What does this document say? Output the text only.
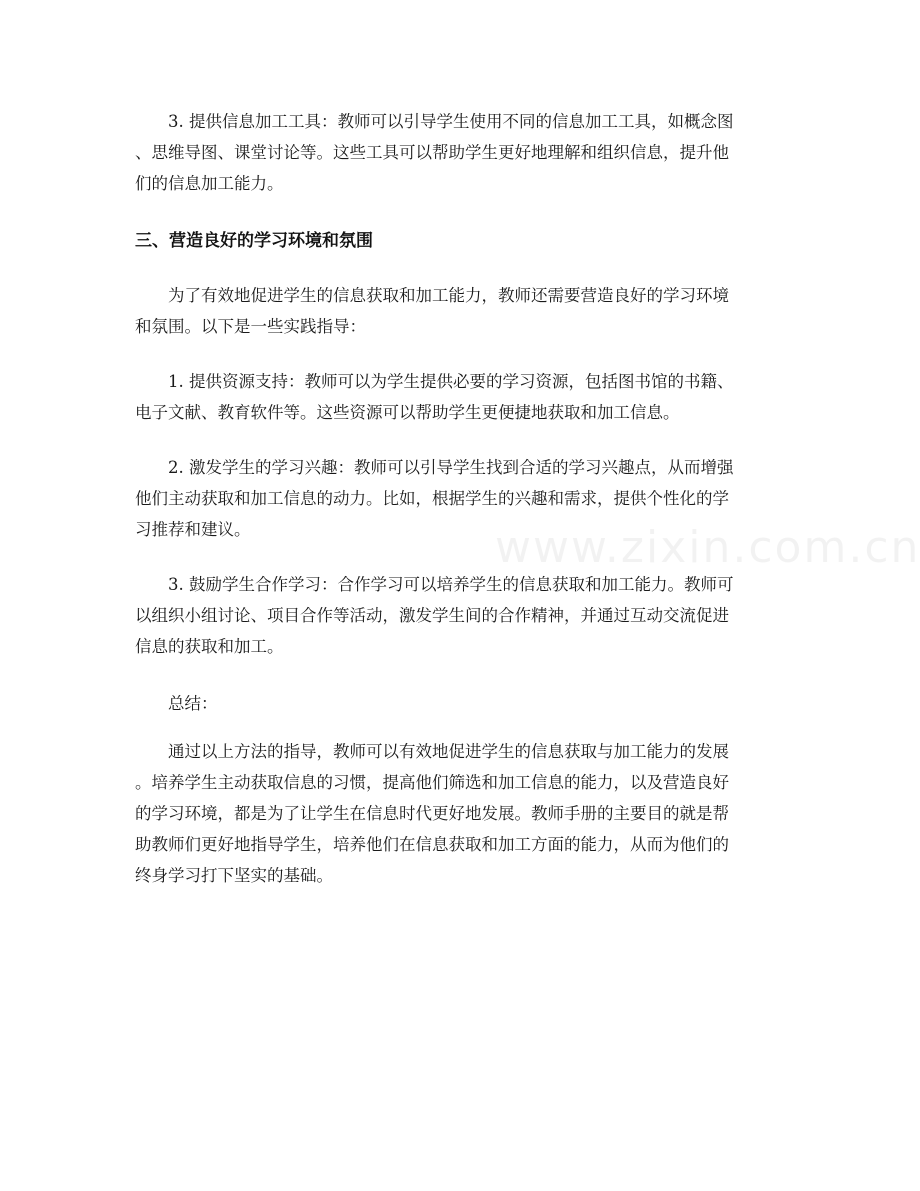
3. 提供信息加工工具：教师可以引导学生使用不同的信息加工工具，如概念图
、思维导图、课堂讨论等。这些工具可以帮助学生更好地理解和组织信息，提升他
们的信息加工能力。

三、营造良好的学习环境和氛围

为了有效地促进学生的信息获取和加工能力，教师还需要营造良好的学习环境
和氛围。以下是一些实践指导：

1. 提供资源支持：教师可以为学生提供必要的学习资源，包括图书馆的书籍、
电子文献、教育软件等。这些资源可以帮助学生更便捷地获取和加工信息。

2. 激发学生的学习兴趣：教师可以引导学生找到合适的学习兴趣点，从而增强
他们主动获取和加工信息的动力。比如，根据学生的兴趣和需求，提供个性化的学
习推荐和建议。

3. 鼓励学生合作学习：合作学习可以培养学生的信息获取和加工能力。教师可
以组织小组讨论、项目合作等活动，激发学生间的合作精神，并通过互动交流促进
信息的获取和加工。

总结：

通过以上方法的指导，教师可以有效地促进学生的信息获取与加工能力的发展
。培养学生主动获取信息的习惯，提高他们筛选和加工信息的能力，以及营造良好
的学习环境，都是为了让学生在信息时代更好地发展。教师手册的主要目的就是帮
助教师们更好地指导学生，培养他们在信息获取和加工方面的能力，从而为他们的
终身学习打下坚实的基础。

www.zixin.com.cn
